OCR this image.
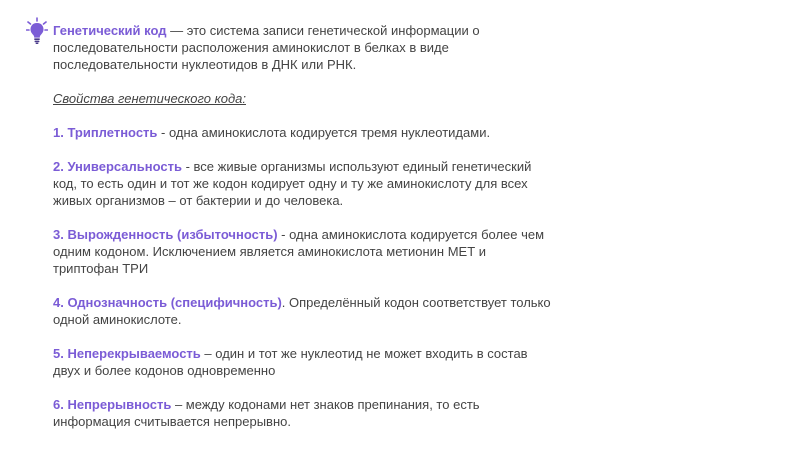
Генетический код — это система записи генетической информации о последовательности расположения аминокислот в белках в виде последовательности нуклеотидов в ДНК или РНК.

Свойства генетического кода:

1. Триплетность - одна аминокислота кодируется тремя нуклеотидами.

2. Универсальность - все живые организмы используют единый генетический код, то есть один и тот же кодон кодирует одну и ту же аминокислоту для всех живых организмов – от бактерии и до человека.

3. Вырожденность (избыточность) - одна аминокислота кодируется более чем одним кодоном. Исключением является аминокислота метионин МЕТ и триптофан ТРИ

4. Однозначность (специфичность). Определённый кодон соответствует только одной аминокислоте.

5. Неперекрываемость – один и тот же нуклеотид не может входить в состав двух и более кодонов одновременно

6. Непрерывность – между кодонами нет знаков препинания, то есть информация считывается непрерывно.
